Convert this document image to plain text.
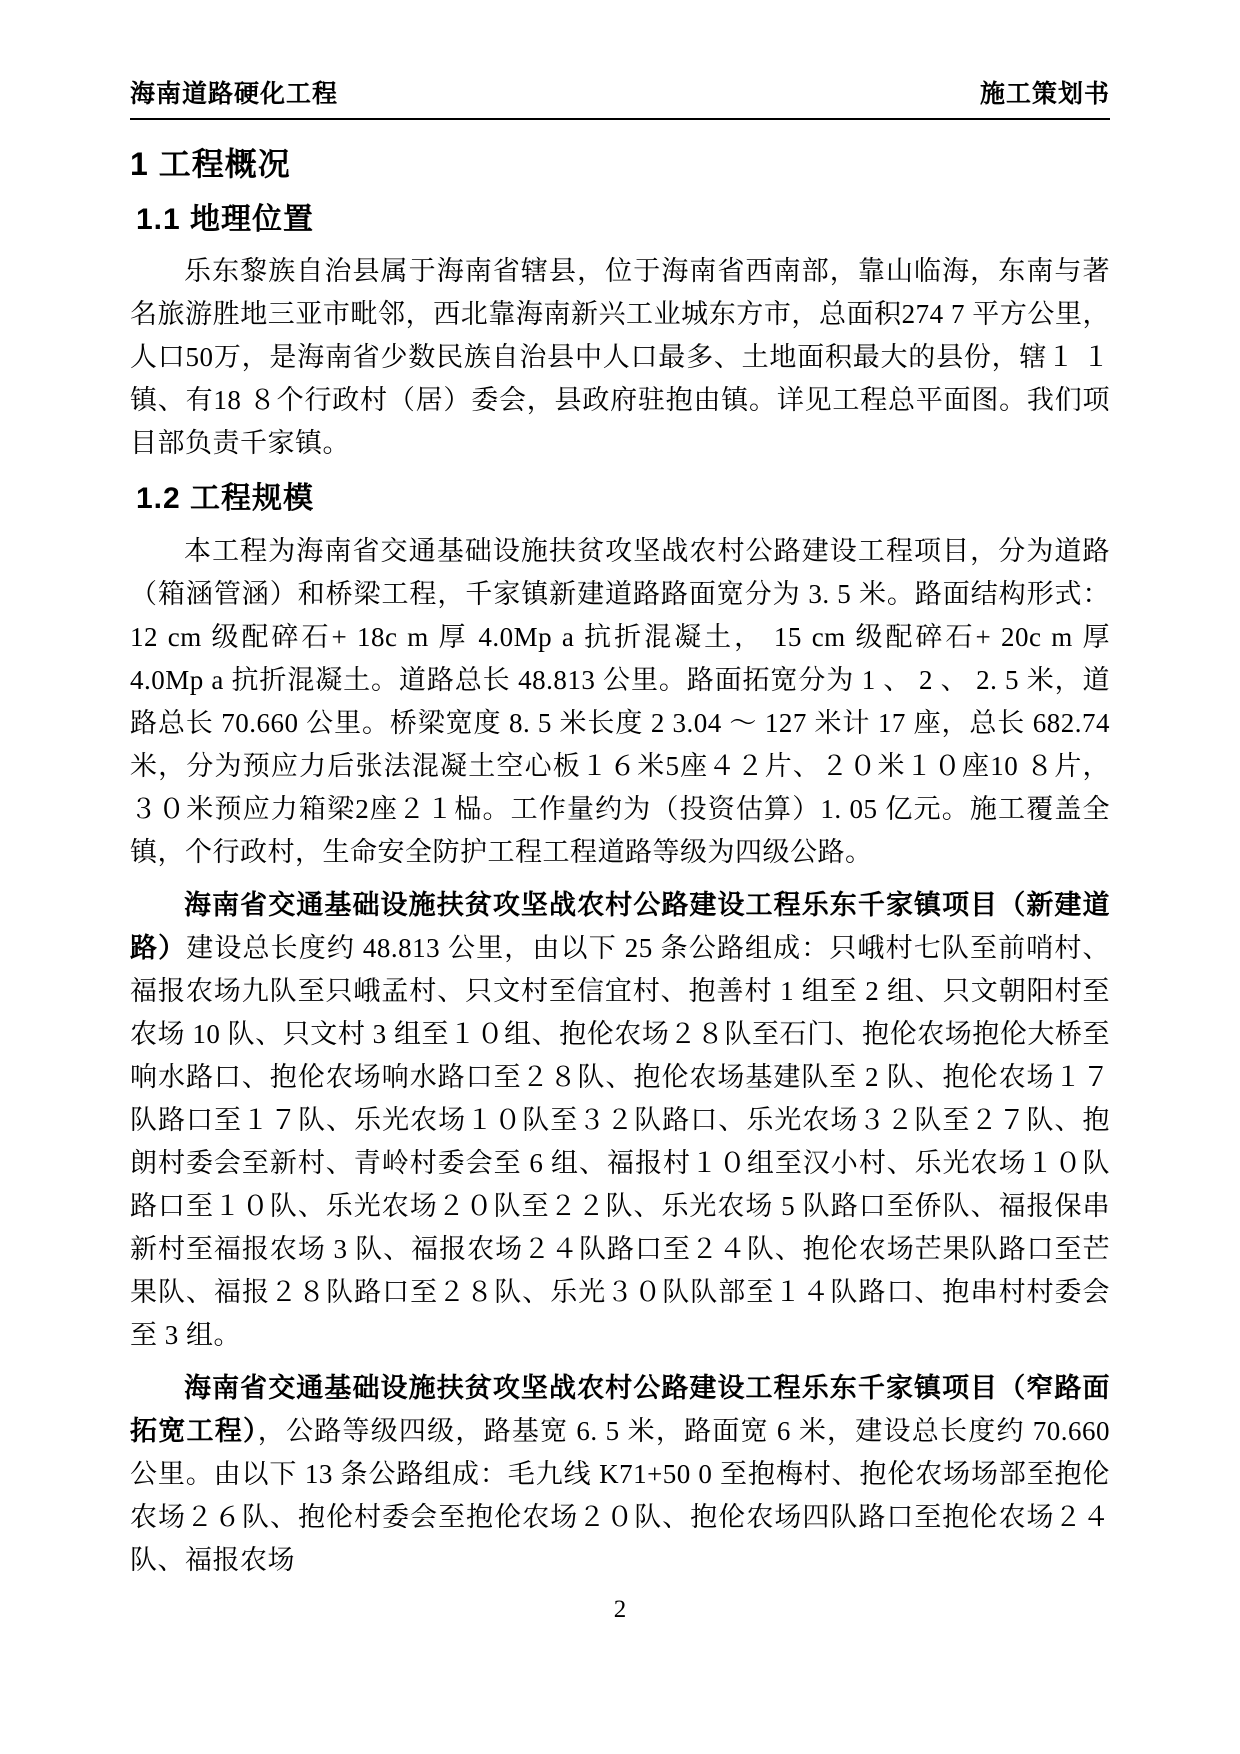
海南道路硬化工程	施工策划书
1 工程概况
1.1 地理位置

乐东黎族自治县属于海南省辖县，位于海南省西南部，靠山临海，东南与著名旅游胜地三亚市毗邻，西北靠海南新兴工业城东方市，总面积274 7 平方公里，人口50万，是海南省少数民族自治县中人口最多、土地面积最大的县份，辖１ １镇、有18 ８个行政村（居）委会，县政府驻抱由镇。详见工程总平面图。我们项目部负责千家镇。

1.2 工程规模

本工程为海南省交通基础设施扶贫攻坚战农村公路建设工程项目，分为道路（箱涵管涵）和桥梁工程，千家镇新建道路路面宽分为 3. 5 米。路面结构形式： 12 cm 级配碎石+ 18c m 厚 4.0Mp a 抗折混凝土， 15 cm 级配碎石+ 20c m 厚 4.0Mp a 抗折混凝土。道路总长 48.813 公里。路面拓宽分为 1 、 2 、 2. 5 米，道路总长 70.660 公里。桥梁宽度 8. 5 米长度 2 3.04 ～ 127 米计 17 座，总长 682.74 米，分为预应力后张法混凝土空心板１６米5座４２片、２０米１０座10 ８片，３０米预应力箱梁2座２１榀。工作量约为（投资估算）1. 05 亿元。施工覆盖全镇，个行政村，生命安全防护工程工程道路等级为四级公路。

海南省交通基础设施扶贫攻坚战农村公路建设工程乐东千家镇项目（新建道路）建设总长度约 48.813 公里，由以下 25 条公路组成：只峨村七队至前哨村、福报农场九队至只峨孟村、只文村至信宜村、抱善村 1 组至 2 组、只文朝阳村至农场 10 队、只文村 3 组至１０组、抱伦农场２８队至石门、抱伦农场抱伦大桥至响水路口、抱伦农场响水路口至２８队、抱伦农场基建队至 2 队、抱伦农场１７队路口至１７队、乐光农场１０队至３２队路口、乐光农场３２队至２７队、抱朗村委会至新村、青岭村委会至 6 组、福报村１０组至汉小村、乐光农场１０队路口至１０队、乐光农场２０队至２２队、乐光农场 5 队路口至侨队、福报保串新村至福报农场 3 队、福报农场２４队路口至２４队、抱伦农场芒果队路口至芒果队、福报２８队路口至２８队、乐光３０队队部至１４队路口、抱串村村委会至 3 组。

海南省交通基础设施扶贫攻坚战农村公路建设工程乐东千家镇项目（窄路面拓宽工程），公路等级四级，路基宽 6. 5 米，路面宽 6 米，建设总长度约 70.660 公里。由以下 13 条公路组成：毛九线 K71+50 0 至抱梅村、抱伦农场场部至抱伦农场２６队、抱伦村委会至抱伦农场２０队、抱伦农场四队路口至抱伦农场２４队、福报农场

2
